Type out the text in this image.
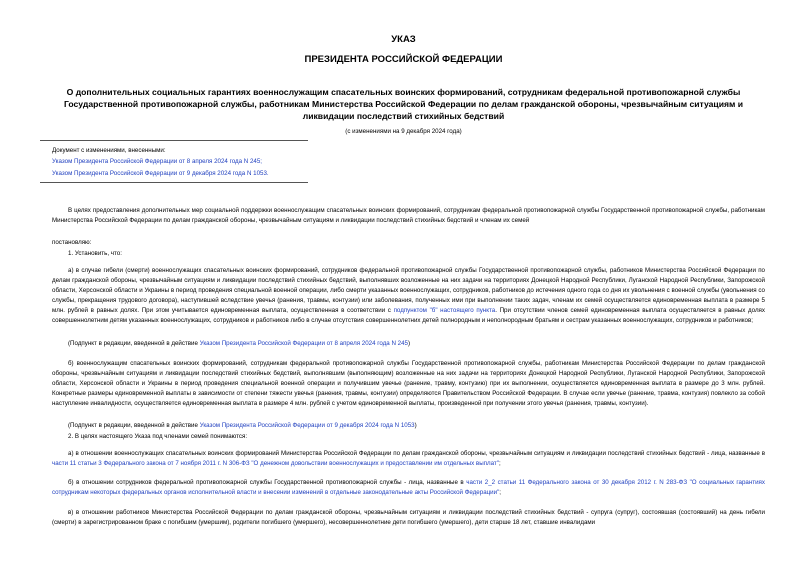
УКАЗ
ПРЕЗИДЕНТА РОССИЙСКОЙ ФЕДЕРАЦИИ
О дополнительных социальных гарантиях военнослужащим спасательных воинских формирований, сотрудникам федеральной противопожарной службы Государственной противопожарной службы, работникам Министерства Российской Федерации по делам гражданской обороны, чрезвычайным ситуациям и ликвидации последствий стихийных бедствий
(с изменениями на 9 декабря 2024 года)
Документ с изменениями, внесенными:
Указом Президента Российской Федерации от 8 апреля 2024 года N 245;
Указом Президента Российской Федерации от 9 декабря 2024 года N 1053.
В целях предоставления дополнительных мер социальной поддержки военнослужащим спасательных воинских формирований, сотрудникам федеральной противопожарной службы Государственной противопожарной службы, работникам Министерства Российской Федерации по делам гражданской обороны, чрезвычайным ситуациям и ликвидации последствий стихийных бедствий и членам их семей
постановляю:
1. Установить, что:
а) в случае гибели (смерти) военнослужащих спасательных воинских формирований, сотрудников федеральной противопожарной службы Государственной противопожарной службы, работников Министерства Российской Федерации по делам гражданской обороны, чрезвычайным ситуациям и ликвидации последствий стихийных бедствий, выполнявших возложенные на них задачи на территориях Донецкой Народной Республики, Луганской Народной Республики, Запорожской области, Херсонской области и Украины в период проведения специальной военной операции, либо смерти указанных военнослужащих, сотрудников, работников до истечения одного года со дня их увольнения с военной службы (увольнения со службы, прекращения трудового договора), наступившей вследствие увечья (ранения, травмы, контузии) или заболевания, полученных ими при выполнении таких задач, членам их семей осуществляется единовременная выплата в размере 5 млн. рублей в равных долях. При этом учитывается единовременная выплата, осуществленная в соответствии с подпунктом "б" настоящего пункта. При отсутствии членов семей единовременная выплата осуществляется в равных долях совершеннолетним детям указанных военнослужащих, сотрудников и работников либо в случае отсутствия совершеннолетних детей полнородным и неполнородным братьям и сестрам указанных военнослужащих, сотрудников и работников;
(Подпункт в редакции, введенной в действие Указом Президента Российской Федерации от 8 апреля 2024 года N 245)
б) военнослужащим спасательных воинских формирований, сотрудникам федеральной противопожарной службы Государственной противопожарной службы, работникам Министерства Российской Федерации по делам гражданской обороны, чрезвычайным ситуациям и ликвидации последствий стихийных бедствий, выполнявшим (выполняющим) возложенные на них задачи на территориях Донецкой Народной Республики, Луганской Народной Республики, Запорожской области, Херсонской области и Украины в период проведения специальной военной операции и получившим увечье (ранение, травму, контузию) при их выполнении, осуществляется единовременная выплата в размере до 3 млн. рублей. Конкретные размеры единовременной выплаты в зависимости от степени тяжести увечья (ранения, травмы, контузии) определяются Правительством Российской Федерации. В случае если увечье (ранение, травма, контузия) повлекло за собой наступление инвалидности, осуществляется единовременная выплата в размере 4 млн. рублей с учетом единовременной выплаты, произведенной при получении этого увечья (ранения, травмы, контузии).
(Подпункт в редакции, введенной в действие Указом Президента Российской Федерации от 9 декабря 2024 года N 1053)
2. В целях настоящего Указа под членами семей понимаются:
а) в отношении военнослужащих спасательных воинских формирований Министерства Российской Федерации по делам гражданской обороны, чрезвычайным ситуациям и ликвидации последствий стихийных бедствий - лица, названные в части 11 статьи 3 Федерального закона от 7 ноября 2011 г. N 306-ФЗ "О денежном довольствии военнослужащих и предоставлении им отдельных выплат";
б) в отношении сотрудников федеральной противопожарной службы Государственной противопожарной службы - лица, названные в части 2_2 статьи 11 Федерального закона от 30 декабря 2012 г. N 283-ФЗ "О социальных гарантиях сотрудникам некоторых федеральных органов исполнительной власти и внесении изменений в отдельные законодательные акты Российской Федерации";
в) в отношении работников Министерства Российской Федерации по делам гражданской обороны, чрезвычайным ситуациям и ликвидации последствий стихийных бедствий - супруга (супруг), состоявшая (состоявший) на день гибели (смерти) в зарегистрированном браке с погибшим (умершим), родители погибшего (умершего), несовершеннолетние дети погибшего (умершего), дети старше 18 лет, ставшие инвалидами
